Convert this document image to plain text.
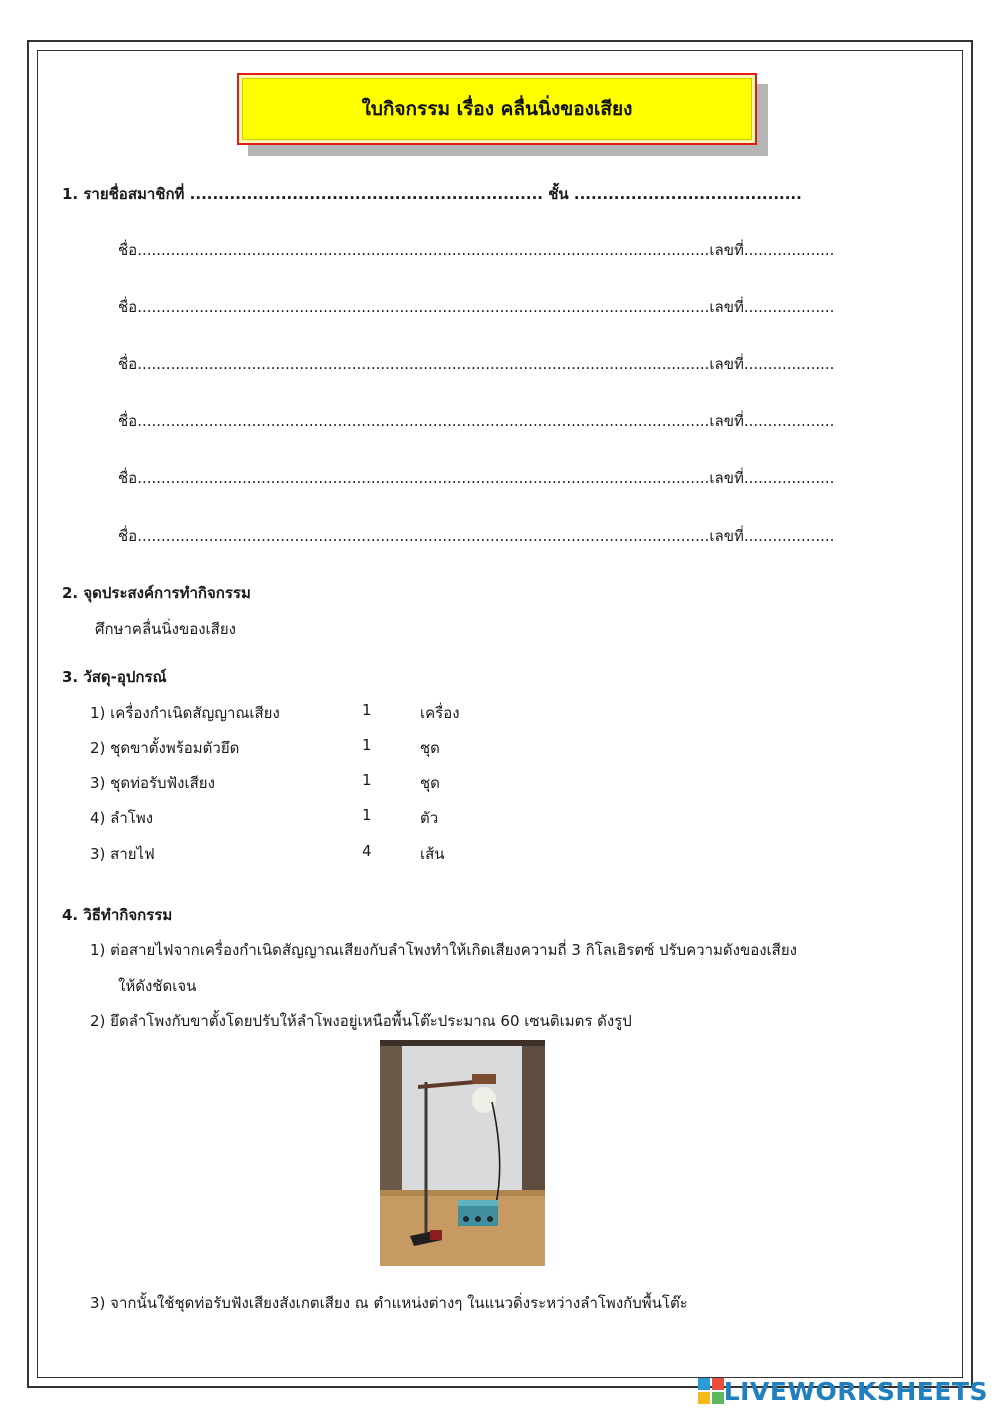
ใบกิจกรรม เรื่อง คลื่นนิ่งของเสียง
1. รายชื่อสมาชิกที่ .............................................................. ชั้น ........................................
ชื่อ........................................................................................................................เลขที่...................
ชื่อ........................................................................................................................เลขที่...................
ชื่อ........................................................................................................................เลขที่...................
ชื่อ........................................................................................................................เลขที่...................
ชื่อ........................................................................................................................เลขที่...................
ชื่อ........................................................................................................................เลขที่...................
2. จุดประสงค์การทำกิจกรรม
ศึกษาคลื่นนิ่งของเสียง
3. วัสดุ-อุปกรณ์
1) เครื่องกำเนิดสัญญาณเสียง	1	เครื่อง
2) ชุดขาตั้งพร้อมตัวยึด	1	ชุด
3) ชุดท่อรับฟังเสียง	1	ชุด
4) ลำโพง	1	ตัว
3) สายไฟ	4	เส้น
4. วิธีทำกิจกรรม
1) ต่อสายไฟจากเครื่องกำเนิดสัญญาณเสียงกับลำโพงทำให้เกิดเสียงความถี่ 3 กิโลเฮิรตซ์ ปรับความดังของเสียง
ให้ดังชัดเจน
2) ยึดลำโพงกับขาตั้งโดยปรับให้ลำโพงอยู่เหนือพื้นโต๊ะประมาณ 60 เซนติเมตร ดังรูป
3) จากนั้นใช้ชุดท่อรับฟังเสียงสังเกตเสียง ณ ตำแหน่งต่างๆ ในแนวดิ่งระหว่างลำโพงกับพื้นโต๊ะ
LIVEWORKSHEETS
